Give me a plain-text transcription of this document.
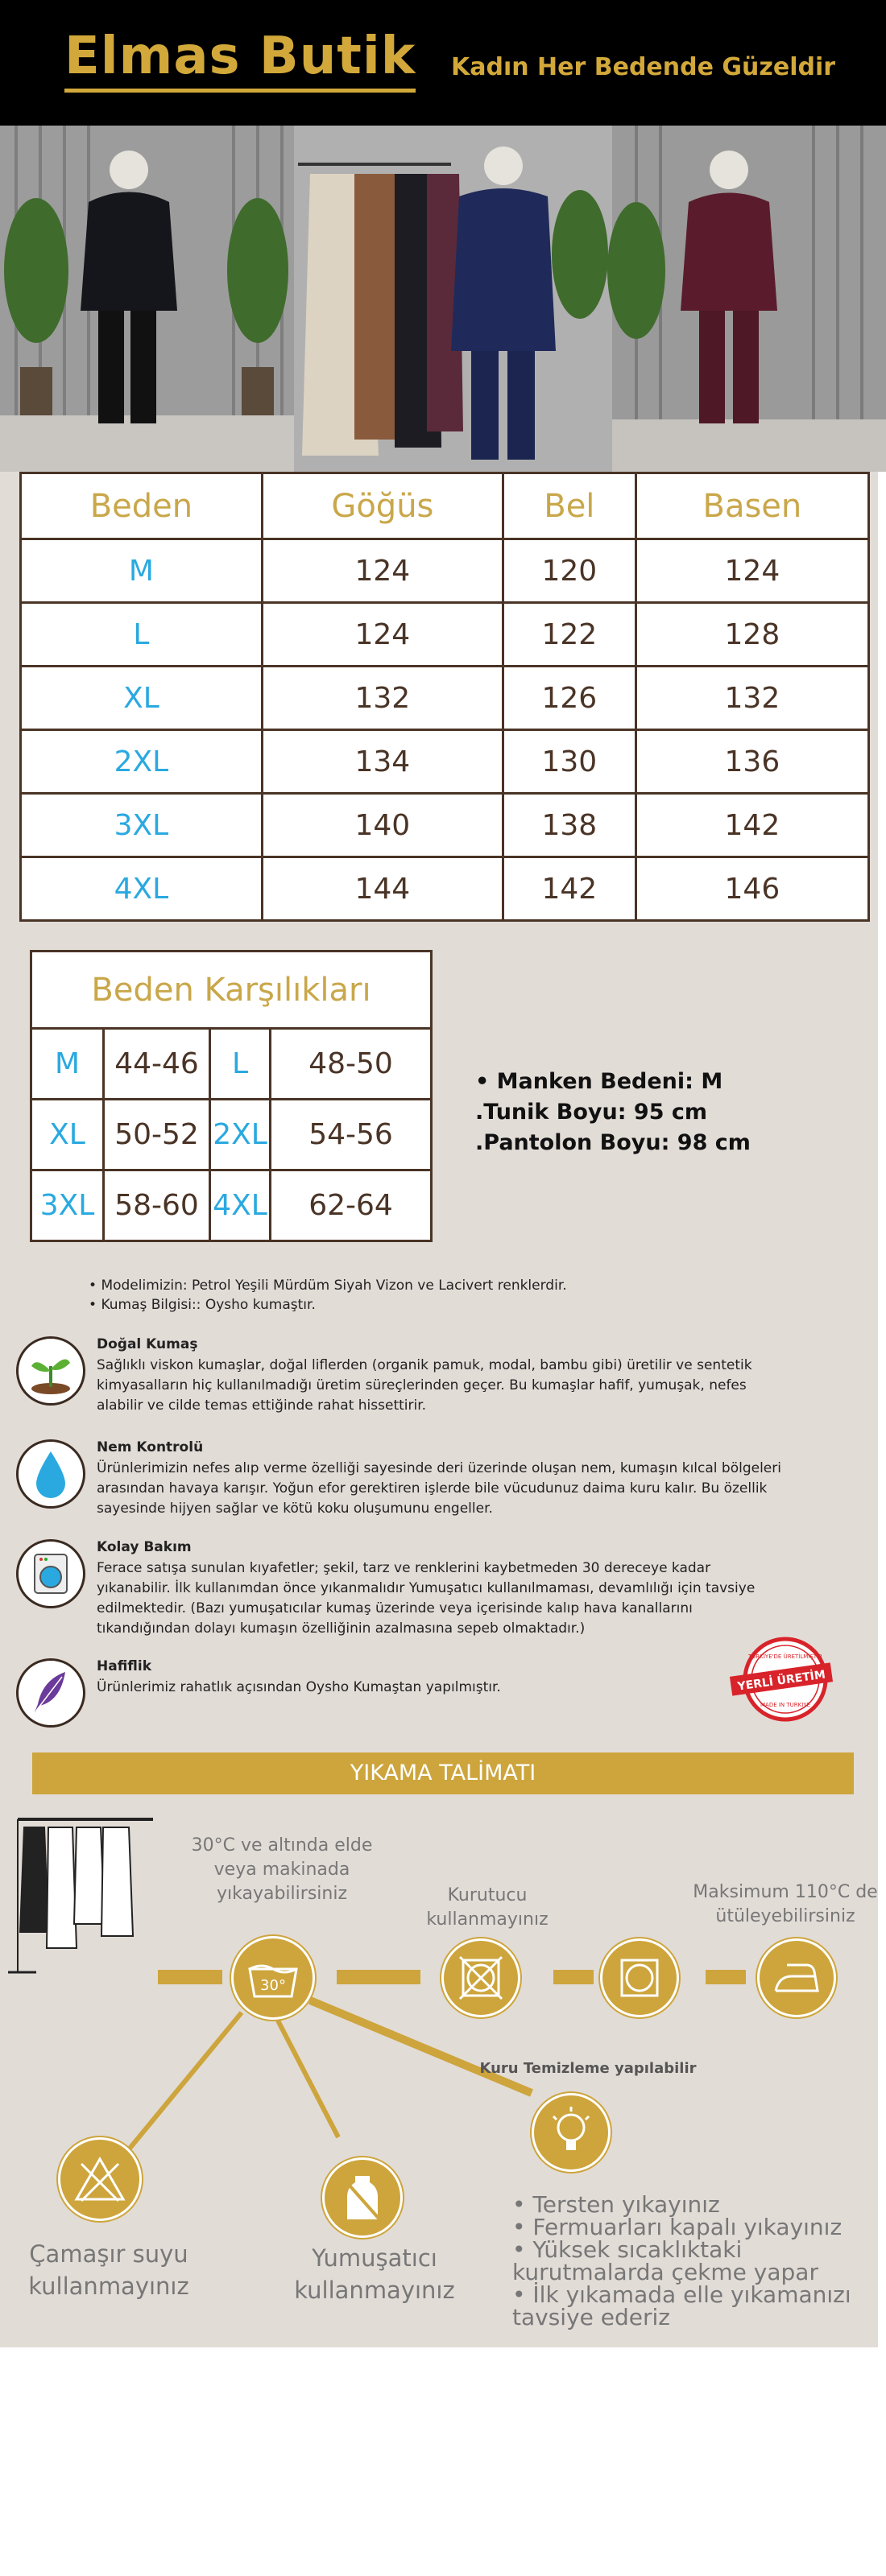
Elmas Butik Kadın Her Bedende Güzeldir
Beden	Göğüs	Bel	Basen
M	124	120	124
L	124	122	128
XL	132	126	132
2XL	134	130	136
3XL	140	138	142
4XL	144	142	146
Beden Karşılıkları			
M	44-46	L	48-50
XL	50-52	2XL	54-56
3XL	58-60	4XL	62-64
• Manken Bedeni: M
.Tunik Boyu: 95 cm
.Pantolon Boyu: 98 cm
• Modelimizin: Petrol Yeşili Mürdüm Siyah Vizon ve Lacivert renklerdir.
• Kumaş Bilgisi:: Oysho kumaştır.
Doğal Kumaş
Sağlıklı viskon kumaşlar, doğal liflerden (organik pamuk, modal, bambu gibi) üretilir ve sentetik kimyasalların hiç kullanılmadığı üretim süreçlerinden geçer. Bu kumaşlar hafif, yumuşak, nefes alabilir ve cilde temas ettiğinde rahat hissettirir.
Nem Kontrolü
Ürünlerimizin nefes alıp verme özelliği sayesinde deri üzerinde oluşan nem, kumaşın kılcal bölgeleri arasından havaya karışır. Yoğun efor gerektiren işlerde bile vücudunuz daima kuru kalır. Bu özellik sayesinde hijyen sağlar ve kötü koku oluşumunu engeller.
Kolay Bakım
Ferace satışa sunulan kıyafetler; şekil, tarz ve renklerini kaybetmeden 30 dereceye kadar yıkanabilir. İlk kullanımdan önce yıkanmalıdır Yumuşatıcı kullanılmaması, devamlılığı için tavsiye edilmektedir. (Bazı yumuşatıcılar kumaş üzerinde veya içerisinde kalıp hava kanallarını tıkandığından dolayı kumaşın özelliğinin azalmasına sepeb olmaktadır.)
Hafiflik
Ürünlerimiz rahatlık açısından Oysho Kumaştan yapılmıştır.
TÜRKİYE'DE ÜRETİLMİŞTİR
YERLİ ÜRETİM
MADE IN TURKIYE
YIKAMA TALİMATI
30°
30°C ve altında elde veya makinada yıkayabilirsiniz	Kurutucu kullanmayınız
Maksimum 110°C de ütüleyebilirsiniz
Kuru Temizleme yapılabilir
Çamaşır suyu kullanmayınız
Yumuşatıcı kullanmayınız
• Tersten yıkayınız
• Fermuarları kapalı yıkayınız
• Yüksek sıcaklıktaki kurutmalarda çekme yapar
• İlk yıkamada elle yıkamanızı tavsiye ederiz
